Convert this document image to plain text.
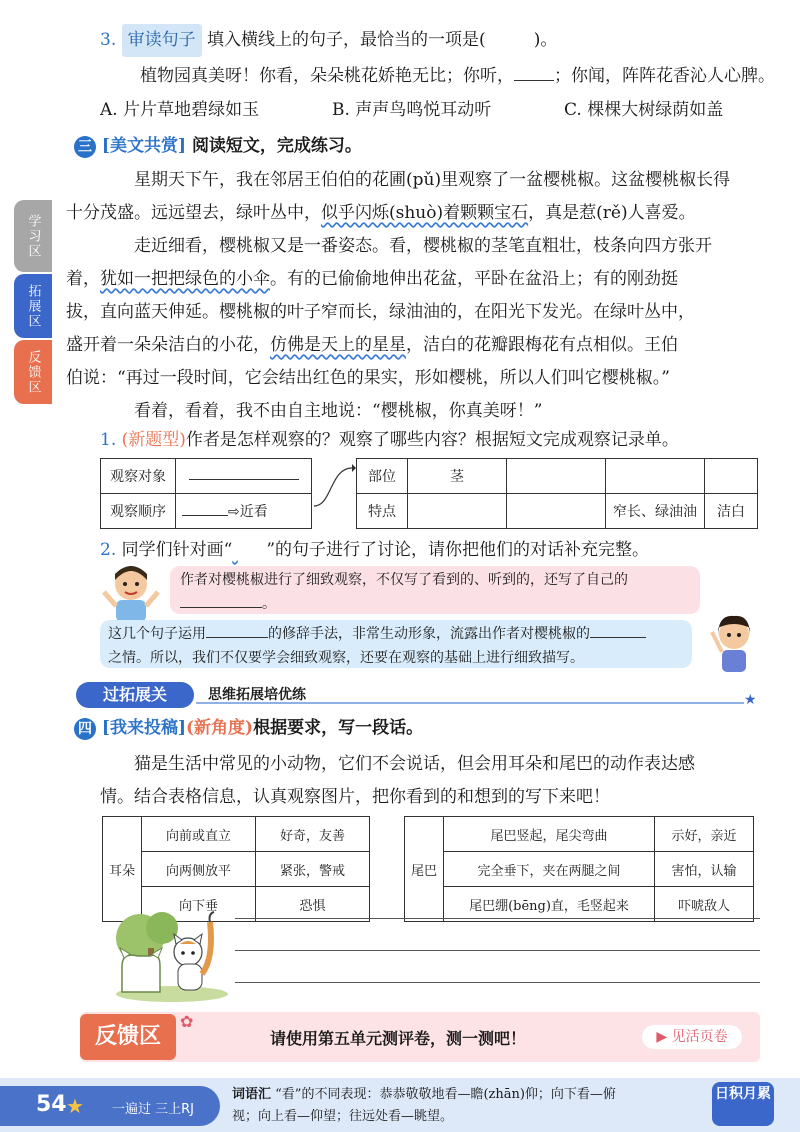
学习区
拓展区
反馈区
3. 审读句子 填入横线上的句子，最恰当的一项是(	)。
植物园真美呀！你看，朵朵桃花娇艳无比；你听， ；你闻，阵阵花香沁人心脾。
A. 片片草地碧绿如玉	B. 声声鸟鸣悦耳动听	C. 棵棵大树绿荫如盖
三 [美文共赏] 阅读短文，完成练习。
星期天下午，我在邻居王伯伯的花圃(pǔ)里观察了一盆樱桃椒。这盆樱桃椒长得
十分茂盛。远远望去，绿叶丛中，似乎闪烁(shuò)着颗颗宝石，真是惹(rě)人喜爱。
走近细看，樱桃椒又是一番姿态。看，樱桃椒的茎笔直粗壮，枝条向四方张开
着，犹如一把把绿色的小伞。有的已偷偷地伸出花盆，平卧在盆沿上；有的刚劲挺
拔，直向蓝天伸延。樱桃椒的叶子窄而长，绿油油的，在阳光下发光。在绿叶丛中，
盛开着一朵朵洁白的小花，仿佛是天上的星星，洁白的花瓣跟梅花有点相似。王伯
伯说：“再过一段时间，它会结出红色的果实，形如樱桃，所以人们叫它樱桃椒。”
看着，看着，我不由自主地说：“樱桃椒，你真美呀！”
1. (新题型)作者是怎样观察的？观察了哪些内容？根据短文完成观察记录单。
观察对象	
观察顺序	⇨近看
部位	茎			
特点			窄长、绿油油	洁白
2. 同学们针对画“ ”的句子进行了讨论，请你把他们的对话补充完整。
作者对樱桃椒进行了细致观察，不仅写了看到的、听到的，还写了自己的
。
这几个句子运用	的修辞手法，非常生动形象，流露出作者对樱桃椒的
之情。所以，我们不仅要学会细致观察，还要在观察的基础上进行细致描写。
过拓展关	思维拓展培优练	★
四 [我来投稿](新角度)根据要求，写一段话。
猫是生活中常见的小动物，它们不会说话，但会用耳朵和尾巴的动作表达感
情。结合表格信息，认真观察图片，把你看到的和想到的写下来吧！
耳朵	向前或直立	好奇，友善
	向两侧放平	紧张，警戒
	向下垂	恐惧
尾巴	尾巴竖起，尾尖弯曲	示好，亲近
	完全垂下，夹在两腿之间	害怕，认输
	尾巴绷(bēng)直，毛竖起来	吓唬敌人
反馈区
✿
请使用第五单元测评卷，测一测吧！	▶ 见活页卷
54 ★ 一遍过 三上RJ
词语汇 “看”的不同表现：恭恭敬敬地看—瞻(zhān)仰；向下看—俯
视；向上看—仰望；往远处看—眺望。
日积月累
